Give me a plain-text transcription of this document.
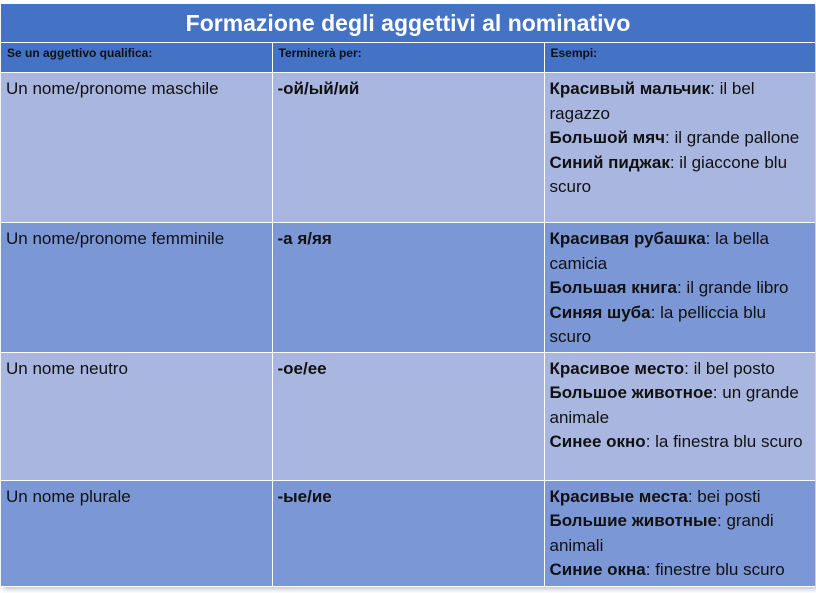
Formazione degli aggettivi al nominativo		
Se un aggettivo qualifica:	Terminerà per:	Esempi:
Un nome/pronome maschile	-ой/ый/ий	Красивый мальчик: il bel ragazzo
Большой мяч: il grande pallone
Синий пиджак: il giaccone blu scuro

Un nome/pronome femminile	-а я/яя	Красивая рубашка: la bella camicia
Большая книга: il grande libro
Синяя шуба: la pelliccia blu scuro

Un nome neutro	-ое/ее	Красивое место: il bel posto
Большое животное: un grande animale
Синее окно: la finestra blu scuro

Un nome plurale	-ые/ие	Красивые места: bei posti
Большие животные: grandi animali
Синие окна: finestre blu scuro
